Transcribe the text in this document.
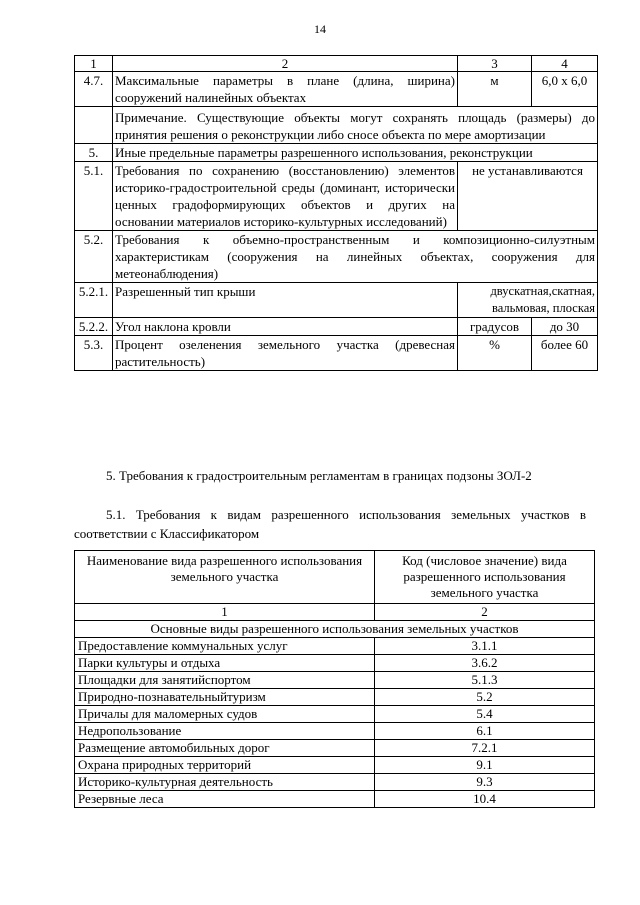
14
1	2	3	4
4.7.	Максимальные параметры в плане (длина, ширина) сооружений налинейных объектах	м	6,0 х 6,0
	Примечание. Существующие объекты могут сохранять площадь (размеры) до принятия решения о реконструкции либо сносе объекта по мере амортизации		
5.	Иные предельные параметры разрешенного использования, реконструкции		
5.1.	Требования по сохранению (восстановлению) элементов историко-градостроительной среды (доминант, исторически ценных градоформирующих объектов и других на основании материалов историко-культурных исследований)	не устанавливаются	
5.2.	Требования к объемно-пространственным и композиционно-силуэтным характеристикам (сооружения на линейных объектах, сооружения для метеонаблюдения)		
5.2.1.	Разрешенный тип крыши	двускатная,скатная,
вальмовая, плоская	

5.2.2.	Угол наклона кровли	градусов	до 30
5.3.	Процент озеленения земельного участка (древесная растительность)	%	более 60
5. Требования к градостроительным регламентам в границах подзоны ЗОЛ-2
5.1. Требования к видам разрешенного использования земельных участков в соответствии с Классификатором
Наименование вида разрешенного использования земельного участка	Код (числовое значение) вида разрешенного использования земельного участка
1	2
Основные виды разрешенного использования земельных участков	
Предоставление коммунальных услуг	3.1.1
Парки культуры и отдыха	3.6.2
Площадки для занятийспортом	5.1.3
Природно-познавательныйтуризм	5.2
Причалы для маломерных судов	5.4
Недропользование	6.1
Размещение автомобильных дорог	7.2.1
Охрана природных территорий	9.1
Историко-культурная деятельность	9.3
Резервные леса	10.4
